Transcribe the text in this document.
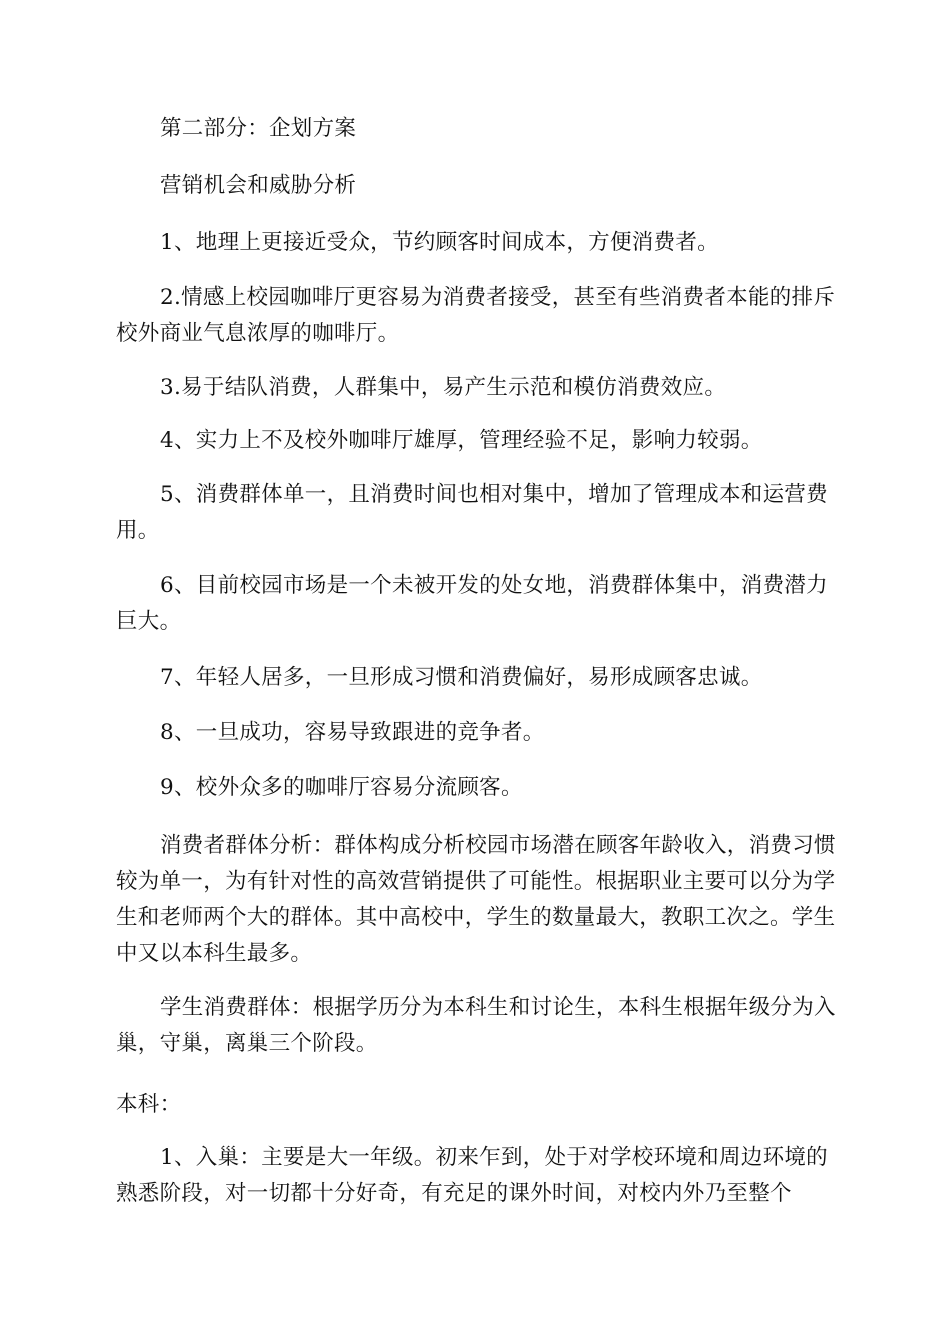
第二部分：企划方案

营销机会和威胁分析

1、地理上更接近受众，节约顾客时间成本，方便消费者。

2.情感上校园咖啡厅更容易为消费者接受，甚至有些消费者本能的排斥校外商业气息浓厚的咖啡厅。

3.易于结队消费，人群集中，易产生示范和模仿消费效应。

4、实力上不及校外咖啡厅雄厚，管理经验不足，影响力较弱。

5、消费群体单一，且消费时间也相对集中，增加了管理成本和运营费用。

6、目前校园市场是一个未被开发的处女地，消费群体集中，消费潜力巨大。

7、年轻人居多，一旦形成习惯和消费偏好，易形成顾客忠诚。

8、一旦成功，容易导致跟进的竞争者。

9、校外众多的咖啡厅容易分流顾客。

消费者群体分析：群体构成分析校园市场潜在顾客年龄收入，消费习惯较为单一，为有针对性的高效营销提供了可能性。根据职业主要可以分为学生和老师两个大的群体。其中高校中，学生的数量最大，教职工次之。学生中又以本科生最多。

学生消费群体：根据学历分为本科生和讨论生，本科生根据年级分为入巢，守巢，离巢三个阶段。

本科：

1、入巢：主要是大一年级。初来乍到，处于对学校环境和周边环境的熟悉阶段，对一切都十分好奇，有充足的课外时间，对校内外乃至整个
